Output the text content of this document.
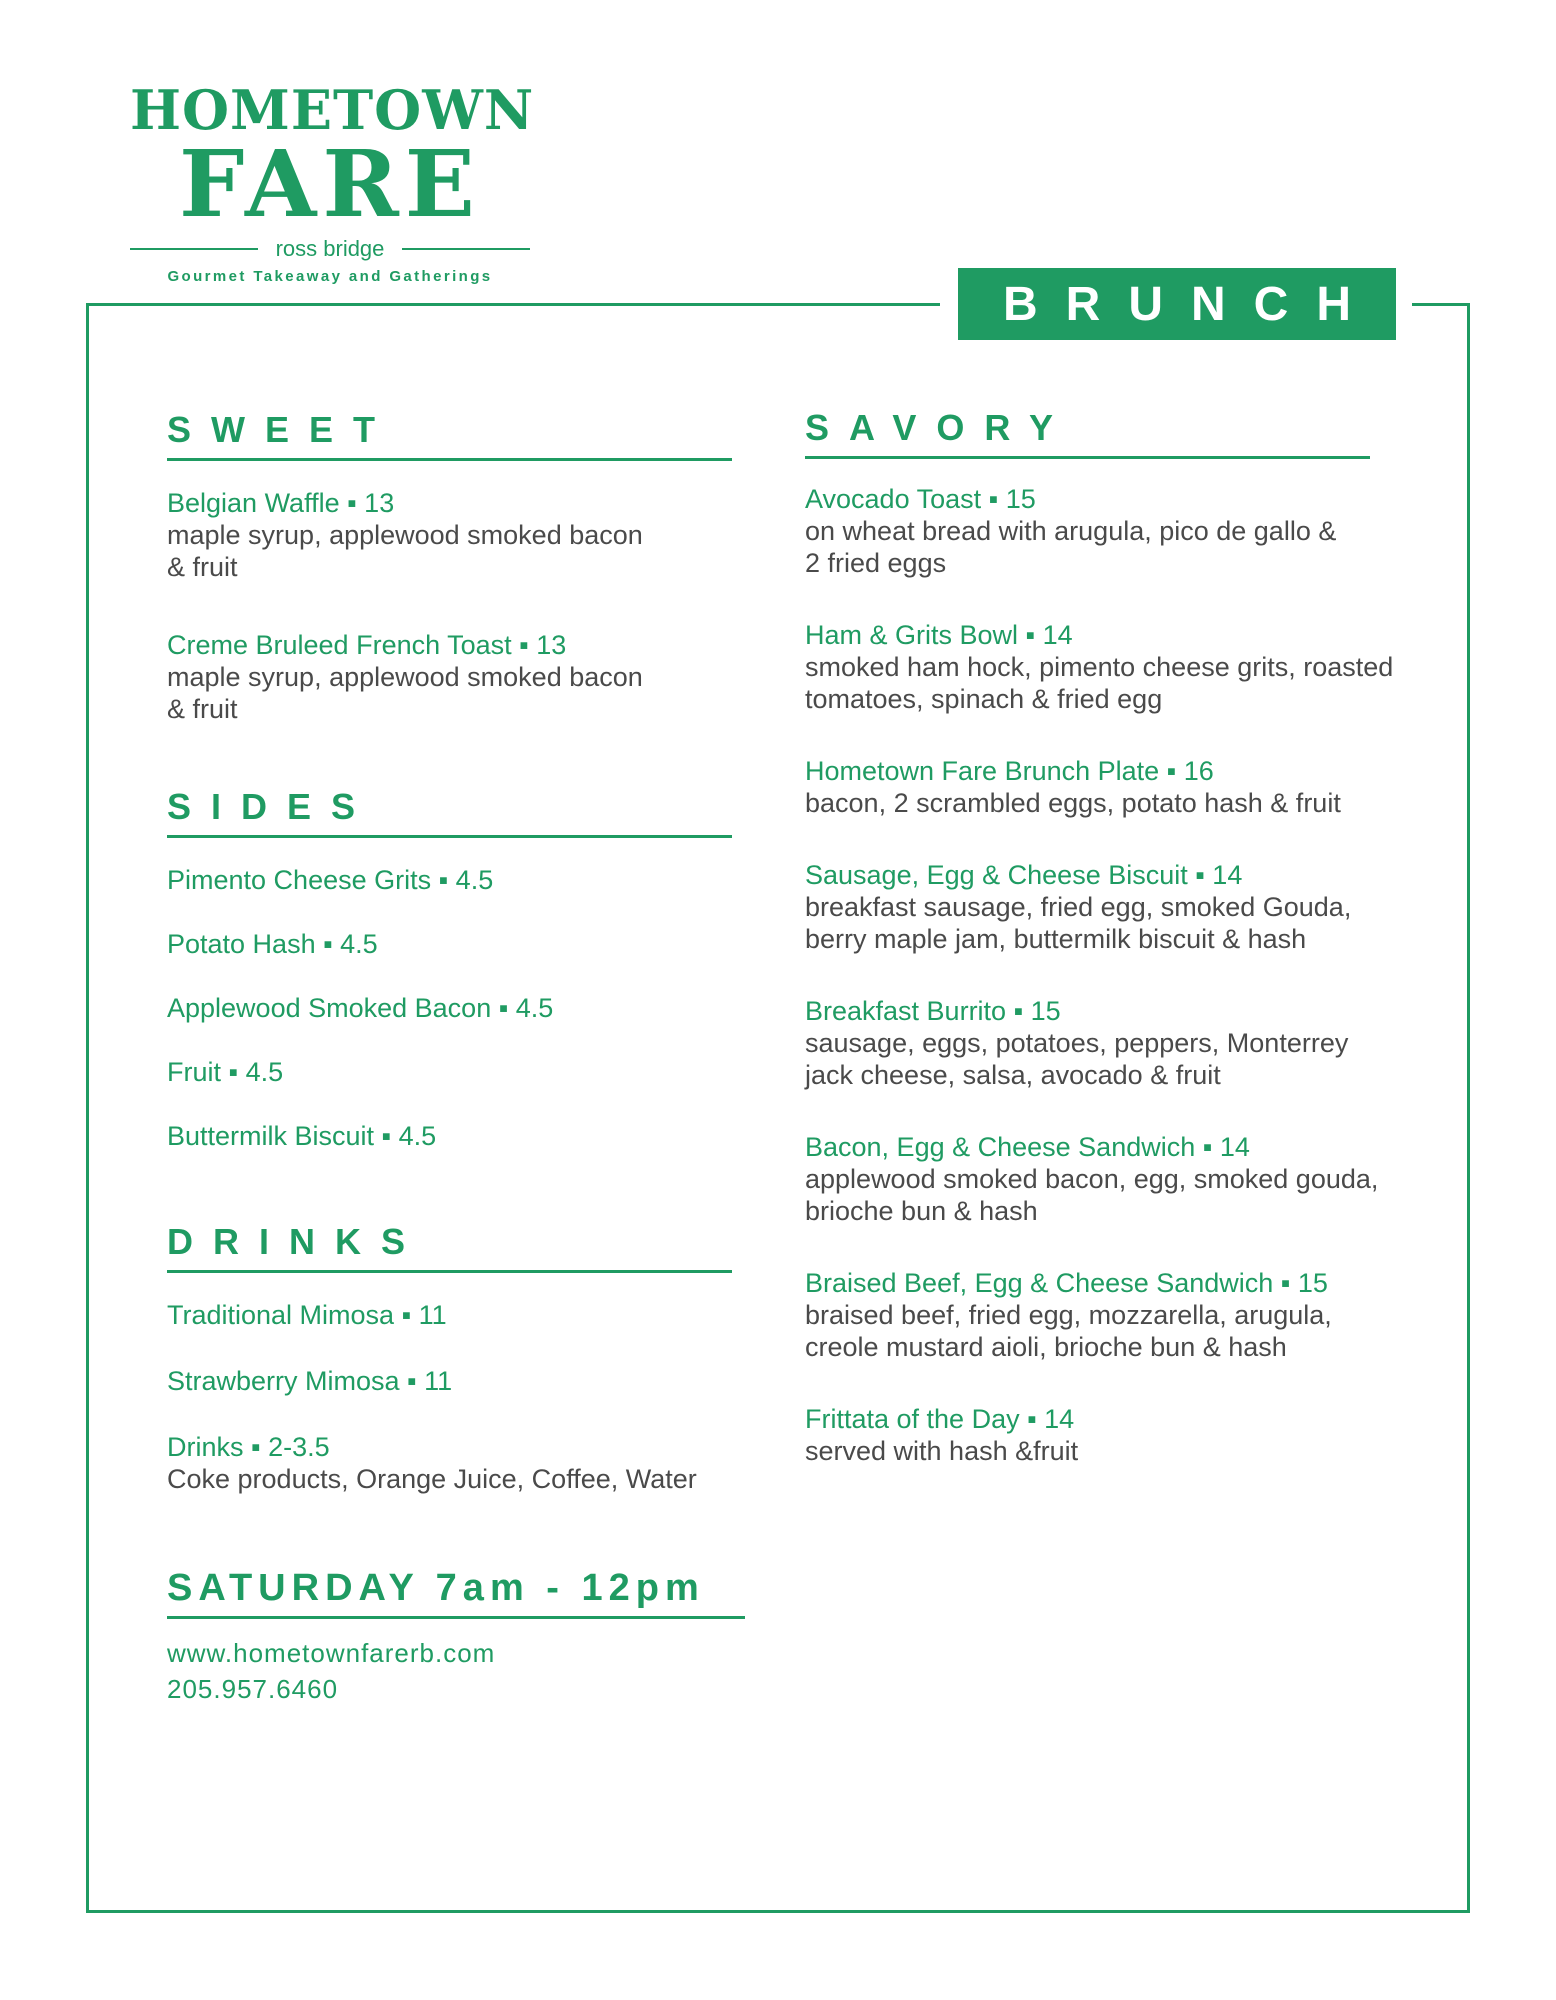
HOMETOWN
FARE
ross bridge
Gourmet Takeaway and Gatherings
BRUNCH
SWEET
Belgian Waffle ▪ 13
maple syrup, applewood smoked bacon
& fruit
Creme Bruleed French Toast ▪ 13
maple syrup, applewood smoked bacon
& fruit
SIDES
Pimento Cheese Grits ▪ 4.5
Potato Hash ▪ 4.5
Applewood Smoked Bacon ▪ 4.5
Fruit ▪ 4.5
Buttermilk Biscuit ▪ 4.5
DRINKS
Traditional Mimosa ▪ 11
Strawberry Mimosa ▪ 11
Drinks ▪ 2-3.5
Coke products, Orange Juice, Coffee, Water
SATURDAY 7am - 12pm
www.hometownfarerb.com
205.957.6460
SAVORY
Avocado Toast ▪ 15
on wheat bread with arugula, pico de gallo &
2 fried eggs
Ham & Grits Bowl ▪ 14
smoked ham hock, pimento cheese grits, roasted
tomatoes, spinach & fried egg
Hometown Fare Brunch Plate ▪ 16
bacon, 2 scrambled eggs, potato hash & fruit
Sausage, Egg & Cheese Biscuit ▪ 14
breakfast sausage, fried egg, smoked Gouda,
berry maple jam, buttermilk biscuit & hash
Breakfast Burrito ▪ 15
sausage, eggs, potatoes, peppers, Monterrey
jack cheese, salsa, avocado & fruit
Bacon, Egg & Cheese Sandwich ▪ 14
applewood smoked bacon, egg, smoked gouda,
brioche bun & hash
Braised Beef, Egg & Cheese Sandwich ▪ 15
braised beef, fried egg, mozzarella, arugula,
creole mustard aioli, brioche bun & hash
Frittata of the Day ▪ 14
served with hash &fruit
